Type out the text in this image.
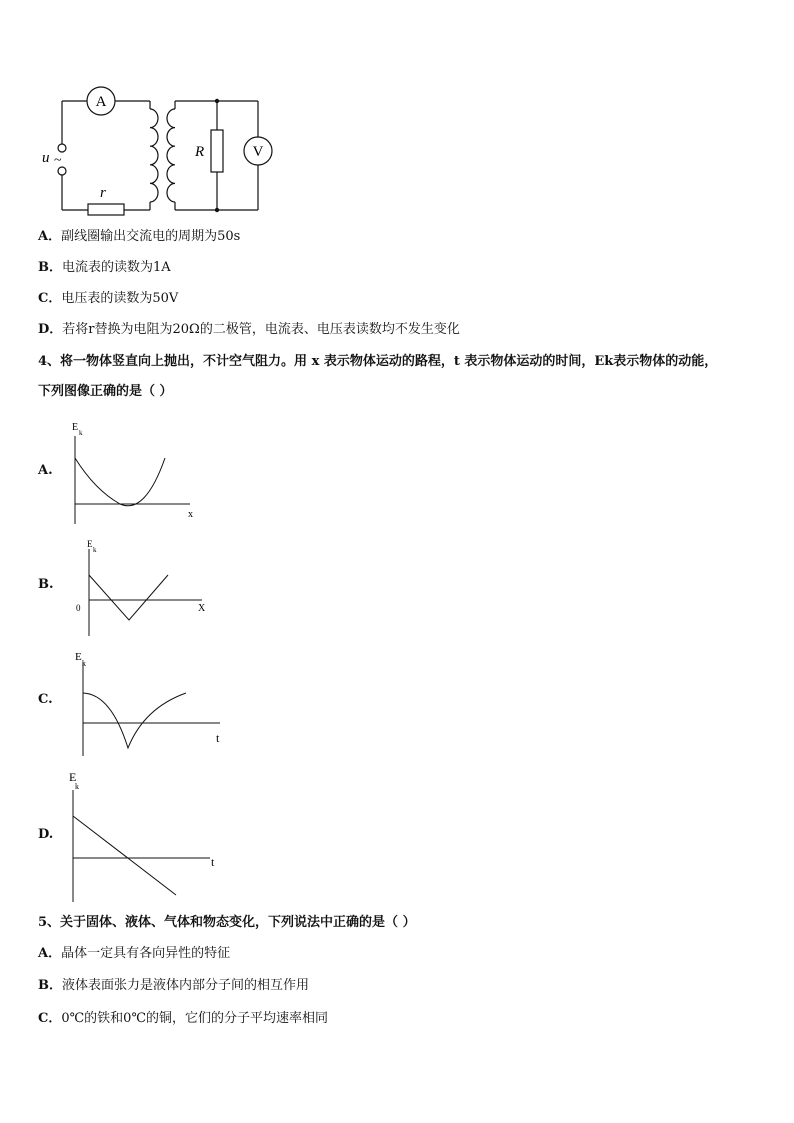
A
V
u ~
r
R
A．副线圈输出交流电的周期为50s
B．电流表的读数为1A
C．电压表的读数为50V
D．若将r替换为电阻为20Ω的二极管，电流表、电压表读数均不发生变化
4、将一物体竖直向上抛出，不计空气阻力。用 x 表示物体运动的路程，t 表示物体运动的时间，Ek表示物体的动能，
下列图像正确的是（ ）
A.
E k
x
B.
E
k
0	X
C.
E
k
t
D.
E
k
t
5、关于固体、液体、气体和物态变化，下列说法中正确的是（ ）
A．晶体一定具有各向异性的特征
B．液体表面张力是液体内部分子间的相互作用
C．0℃的铁和0℃的铜，它们的分子平均速率相同
